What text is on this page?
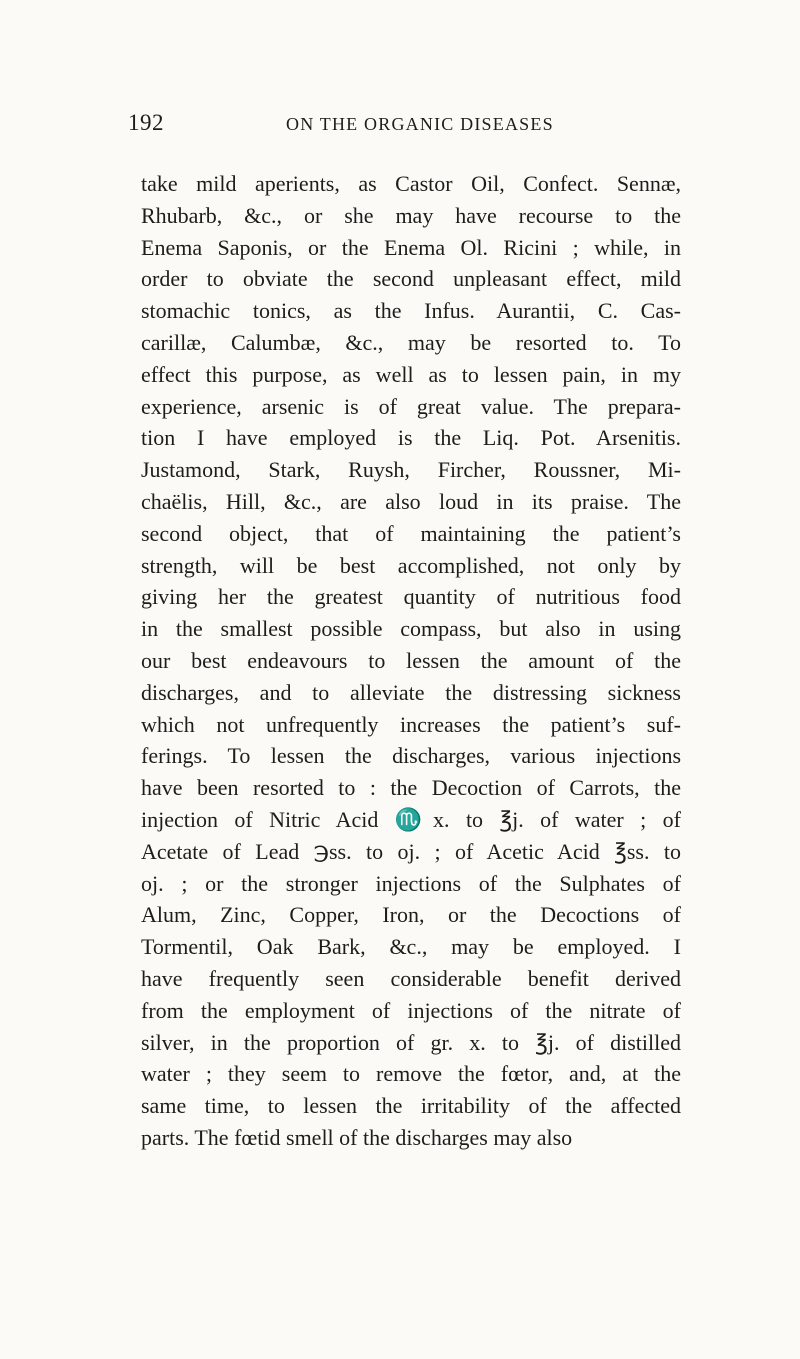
192	ON THE ORGANIC DISEASES
take mild aperients, as Castor Oil, Confect. Sennæ,
Rhubarb, &c., or she may have recourse to the
Enema Saponis, or the Enema Ol. Ricini ; while, in
order to obviate the second unpleasant effect, mild
stomachic tonics, as the Infus. Aurantii, C. Cas-
carillæ, Calumbæ, &c., may be resorted to. To
effect this purpose, as well as to lessen pain, in my
experience, arsenic is of great value. The prepara-
tion I have employed is the Liq. Pot. Arsenitis.
Justamond, Stark, Ruysh, Fircher, Roussner, Mi-
chaëlis, Hill, &c., are also loud in its praise. The
second object, that of maintaining the patient’s
strength, will be best accomplished, not only by
giving her the greatest quantity of nutritious food
in the smallest possible compass, but also in using
our best endeavours to lessen the amount of the
discharges, and to alleviate the distressing sickness
which not unfrequently increases the patient’s suf-
ferings. To lessen the discharges, various injections
have been resorted to : the Decoction of Carrots, the
injection of Nitric Acid ♏x. to ℥j. of water ; of
Acetate of Lead ℈ss. to oj. ; of Acetic Acid ℥ss. to
oj. ; or the stronger injections of the Sulphates of
Alum, Zinc, Copper, Iron, or the Decoctions of
Tormentil, Oak Bark, &c., may be employed. I
have frequently seen considerable benefit derived
from the employment of injections of the nitrate of
silver, in the proportion of gr. x. to ℥j. of distilled
water ; they seem to remove the fœtor, and, at the
same time, to lessen the irritability of the affected
parts. The fœtid smell of the discharges may also
